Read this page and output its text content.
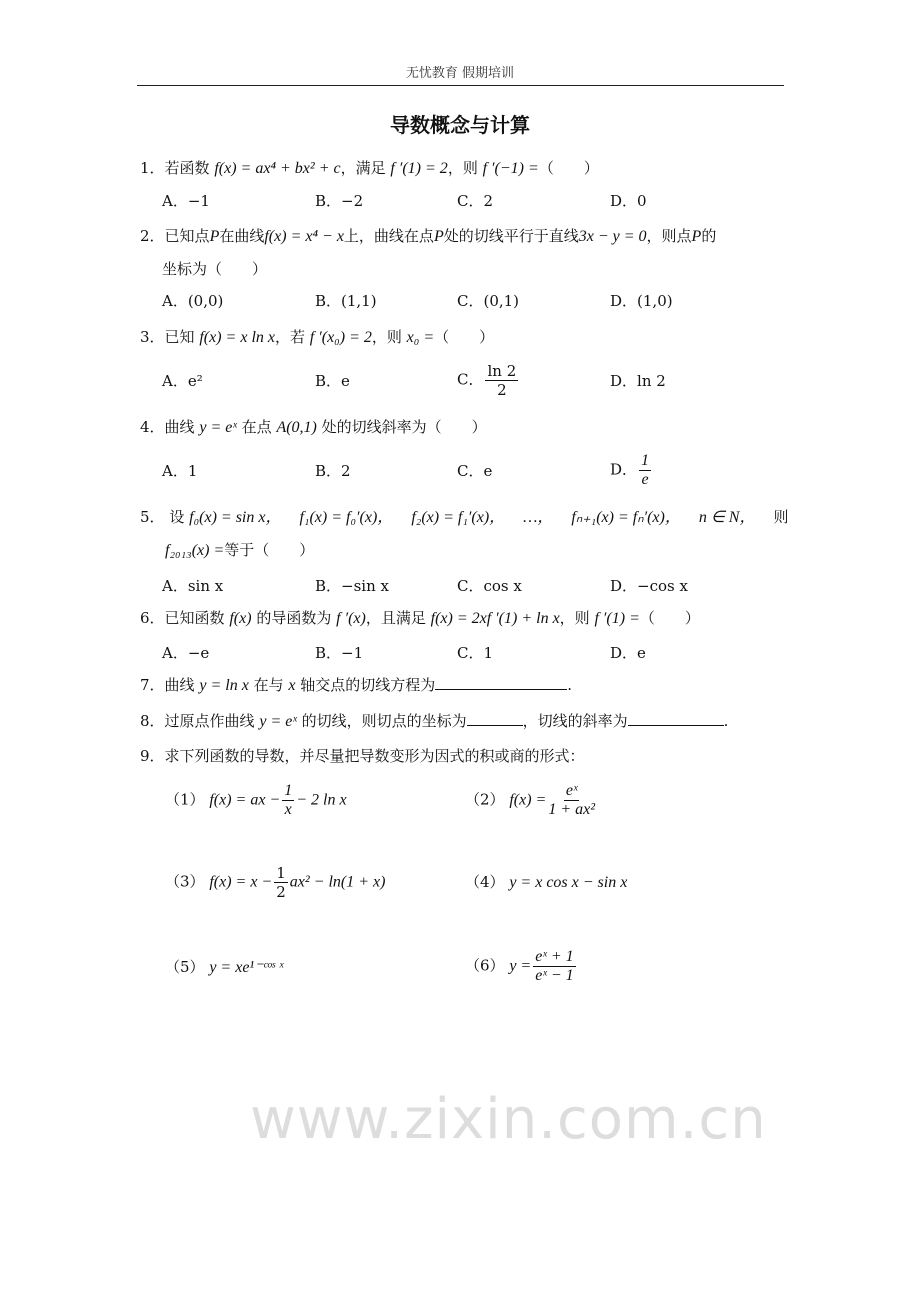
无忧教育 假期培训
导数概念与计算
1．若函数 f(x) = ax⁴ + bx² + c，满足 f ′(1) = 2，则 f ′(−1) =（　　）
A．−1	B．−2	C．2	D．0
2．已知点P在曲线f(x) = x⁴ − x上，曲线在点P处的切线平行于直线3x − y = 0，则点P的
坐标为（　　）
A．(0,0)	B．(1,1)	C．(0,1)	D．(1,0)
3．已知 f(x) = x ln x，若 f ′(x₀) = 2，则 x₀ =（　　）
A．e²	B．e	C． $\frac{\ln 2}{2}$	D．ln 2
4．曲线 y = eˣ 在点 A(0,1) 处的切线斜率为（　　）
A．1	B．2	C．e	D． $\frac{1}{e}$
5． 设 f₀(x) = sin x， f₁(x) = f₀′(x)， f₂(x) = f₁′(x)， …， fₙ₊₁(x) = fₙ′(x)， n ∈ N， 则
f₂₀₁₃(x) =等于（　　）
A．sin x	B．−sin x	C．cos x	D．−cos x
6．已知函数 f(x) 的导函数为 f ′(x)，且满足 f(x) = 2xf ′(1) + ln x，则 f ′(1) =（　　）
A．−e	B．−1	C．1	D．e
7．曲线 y = ln x 在与 x 轴交点的切线方程为	.
8．过原点作曲线 y = eˣ 的切线，则切点的坐标为	，切线的斜率为	.
9．求下列函数的导数，并尽量把导数变形为因式的积或商的形式：
（1） f(x) = ax − $\frac{1}{x} - 2$ ln x	（2） $f(x) = \frac{\text{eˣ}}{\text{1 + ax²}}$
（3） $f(x) = x - \frac{1}{2} ax^2 - \ln(1 + x)$	（4） y = x cos x − sin x
（5） y = xe¹⁻ᶜᵒˢ ˣ	（6） $y = \frac{\text{eˣ + 1}}{\text{eˣ − 1}}$
www.zixin.com.cn
